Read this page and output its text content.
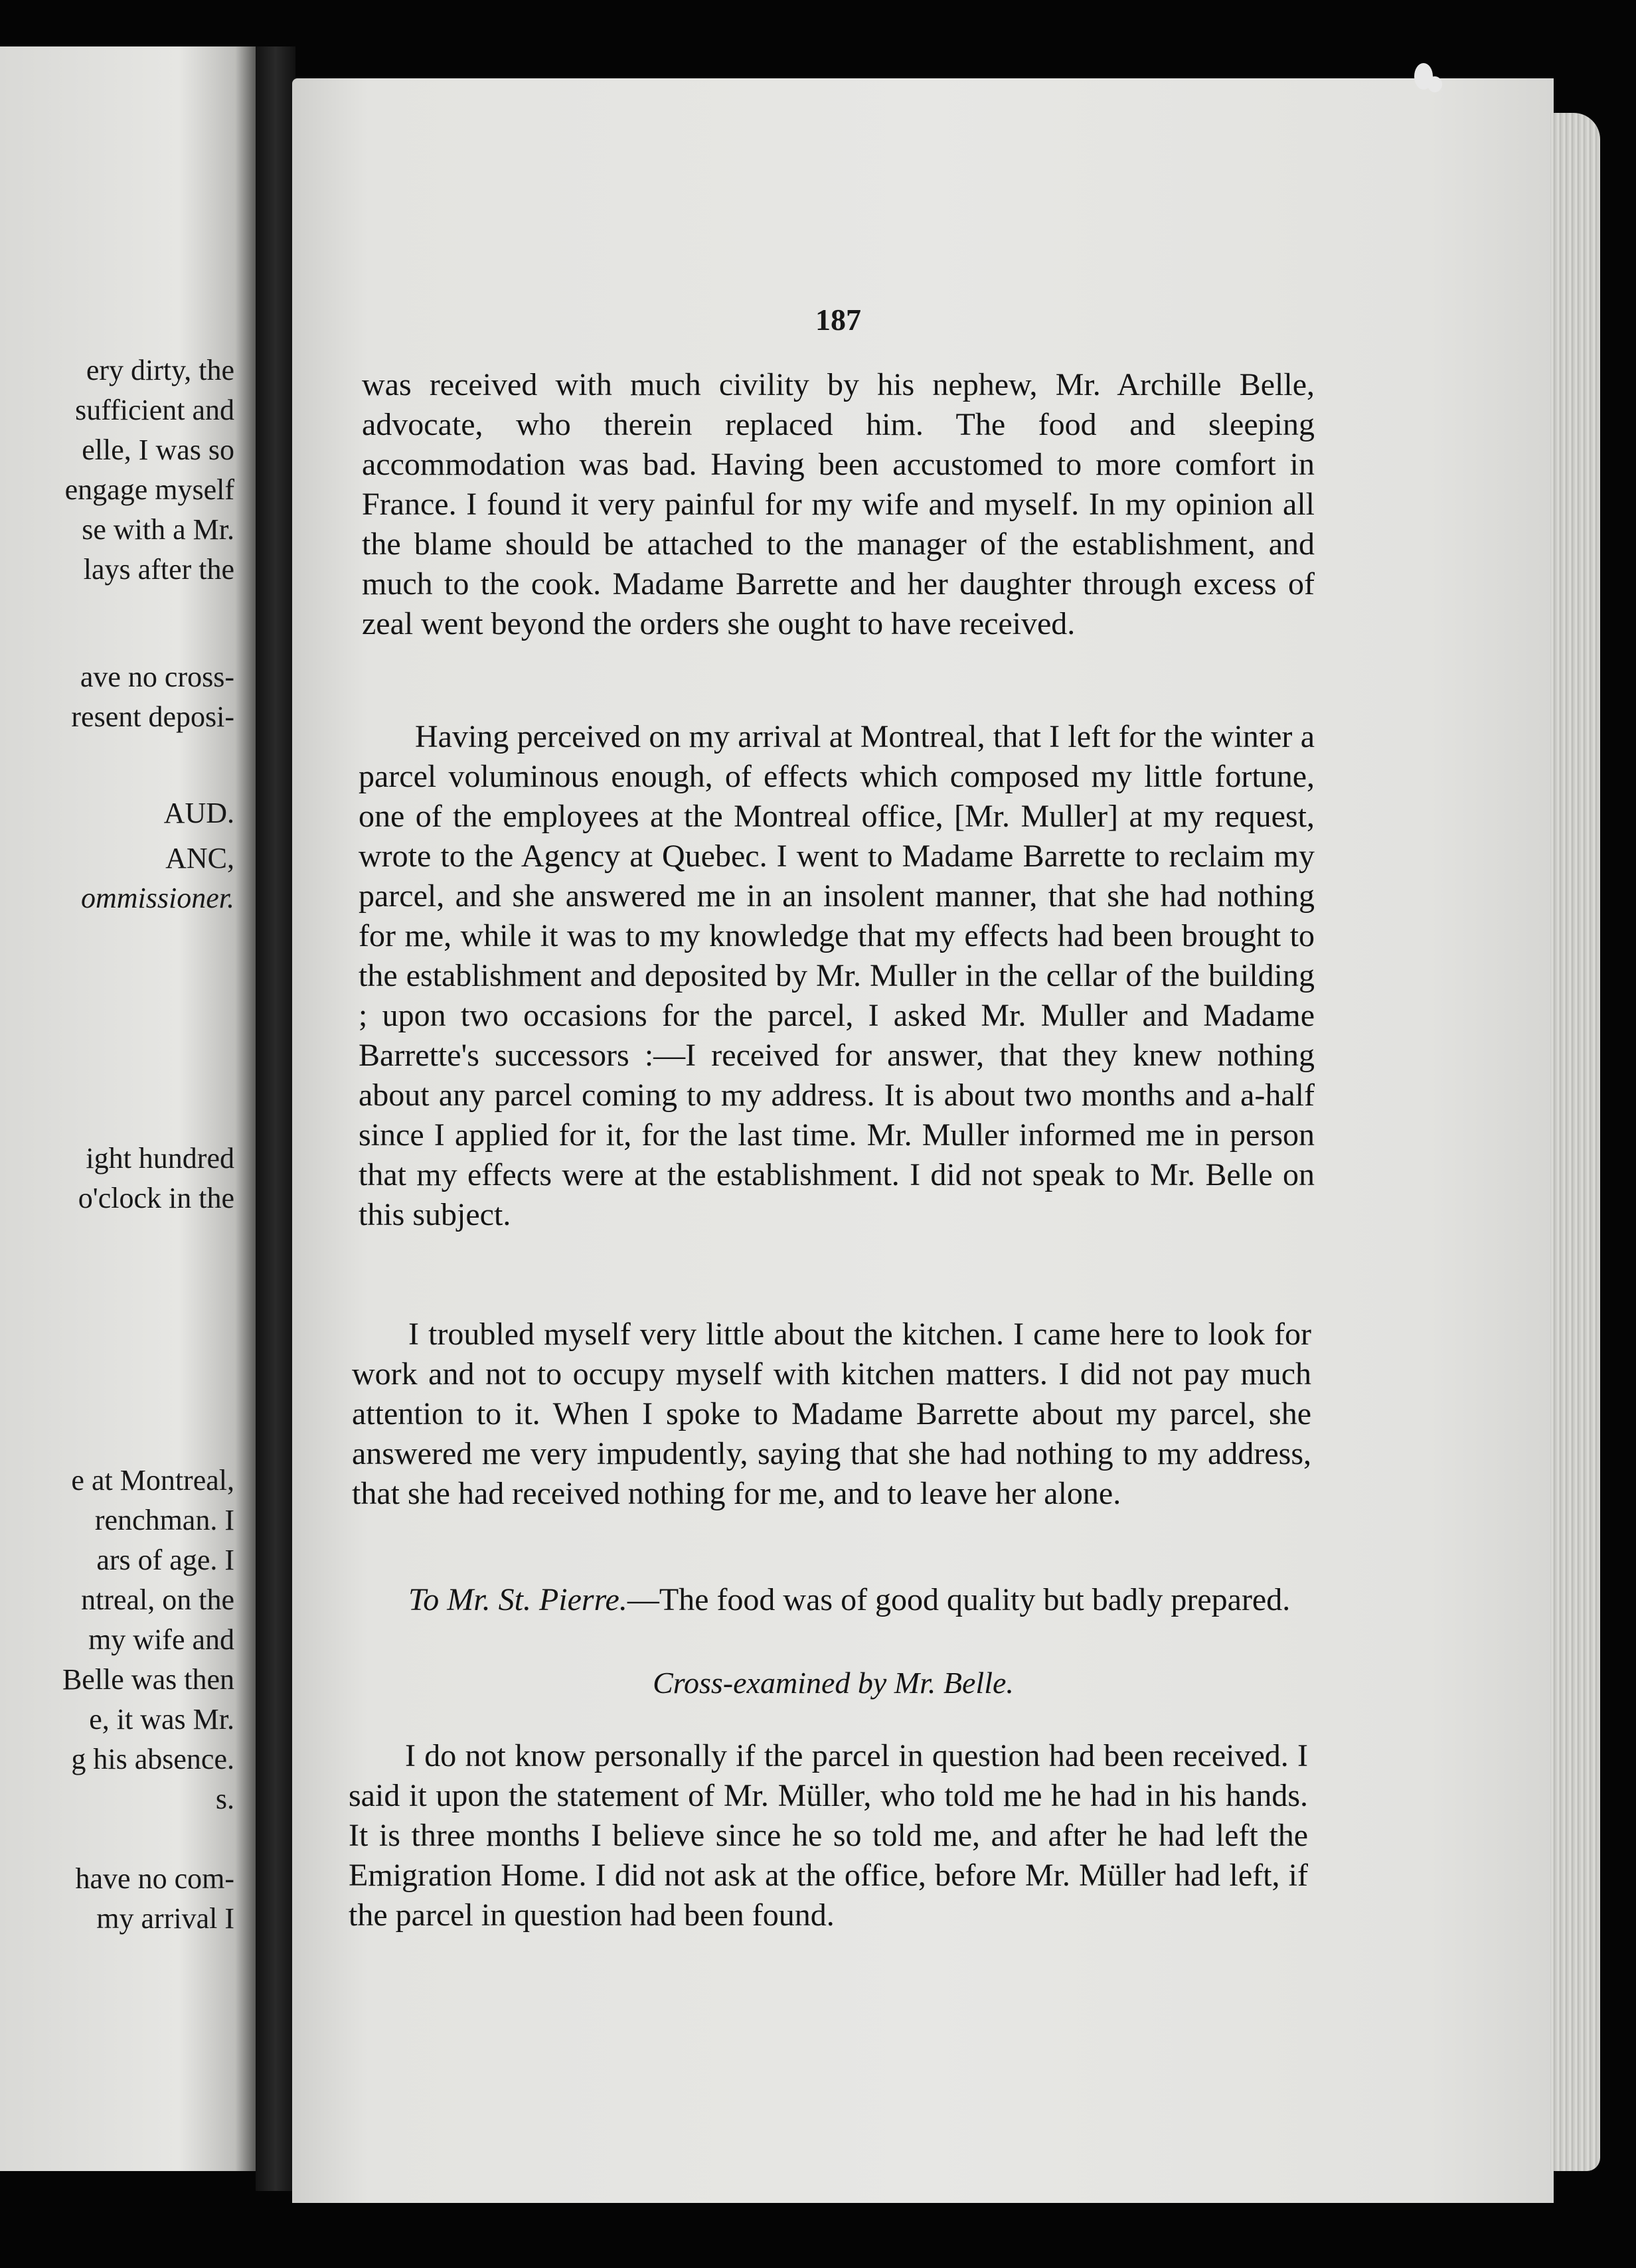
ery dirty, the
sufficient and
elle, I was so
engage myself
se with a Mr.
lays after the
ave no cross-
resent deposi-
AUD.
ANC,
ommissioner.
ight hundred
o'clock in the
e at Montreal,
renchman. I
ars of age. I
ntreal, on the
my wife and
Belle was then
e, it was Mr.
g his absence.
s.
have no com-
my arrival I
187

was received with much civility by his nephew, Mr. Archille Belle, advocate, who therein replaced him. The food and sleeping accommodation was bad. Having been accustomed to more comfort in France. I found it very painful for my wife and myself. In my opinion all the blame should be attached to the manager of the establishment, and much to the cook. Madame Barrette and her daughter through excess of zeal went beyond the orders she ought to have received.

Having perceived on my arrival at Montreal, that I left for the winter a parcel voluminous enough, of effects which composed my little fortune, one of the employees at the Montreal office, [Mr. Muller] at my request, wrote to the Agency at Quebec. I went to Madame Barrette to reclaim my parcel, and she answered me in an insolent manner, that she had nothing for me, while it was to my knowledge that my effects had been brought to the establishment and deposited by Mr. Muller in the cellar of the building ; upon two occasions for the parcel, I asked Mr. Muller and Madame Barrette's successors :—I received for answer, that they knew nothing about any parcel coming to my address. It is about two months and a-half since I applied for it, for the last time. Mr. Muller informed me in person that my effects were at the establishment. I did not speak to Mr. Belle on this subject.

I troubled myself very little about the kitchen. I came here to look for work and not to occupy myself with kitchen matters. I did not pay much attention to it. When I spoke to Madame Barrette about my parcel, she answered me very impudently, saying that she had nothing to my address, that she had received nothing for me, and to leave her alone.

To Mr. St. Pierre.—The food was of good quality but badly prepared.

Cross-examined by Mr. Belle.

I do not know personally if the parcel in question had been received. I said it upon the statement of Mr. Müller, who told me he had in his hands. It is three months I believe since he so told me, and after he had left the Emigration Home. I did not ask at the office, before Mr. Müller had left, if the parcel in question had been found.
